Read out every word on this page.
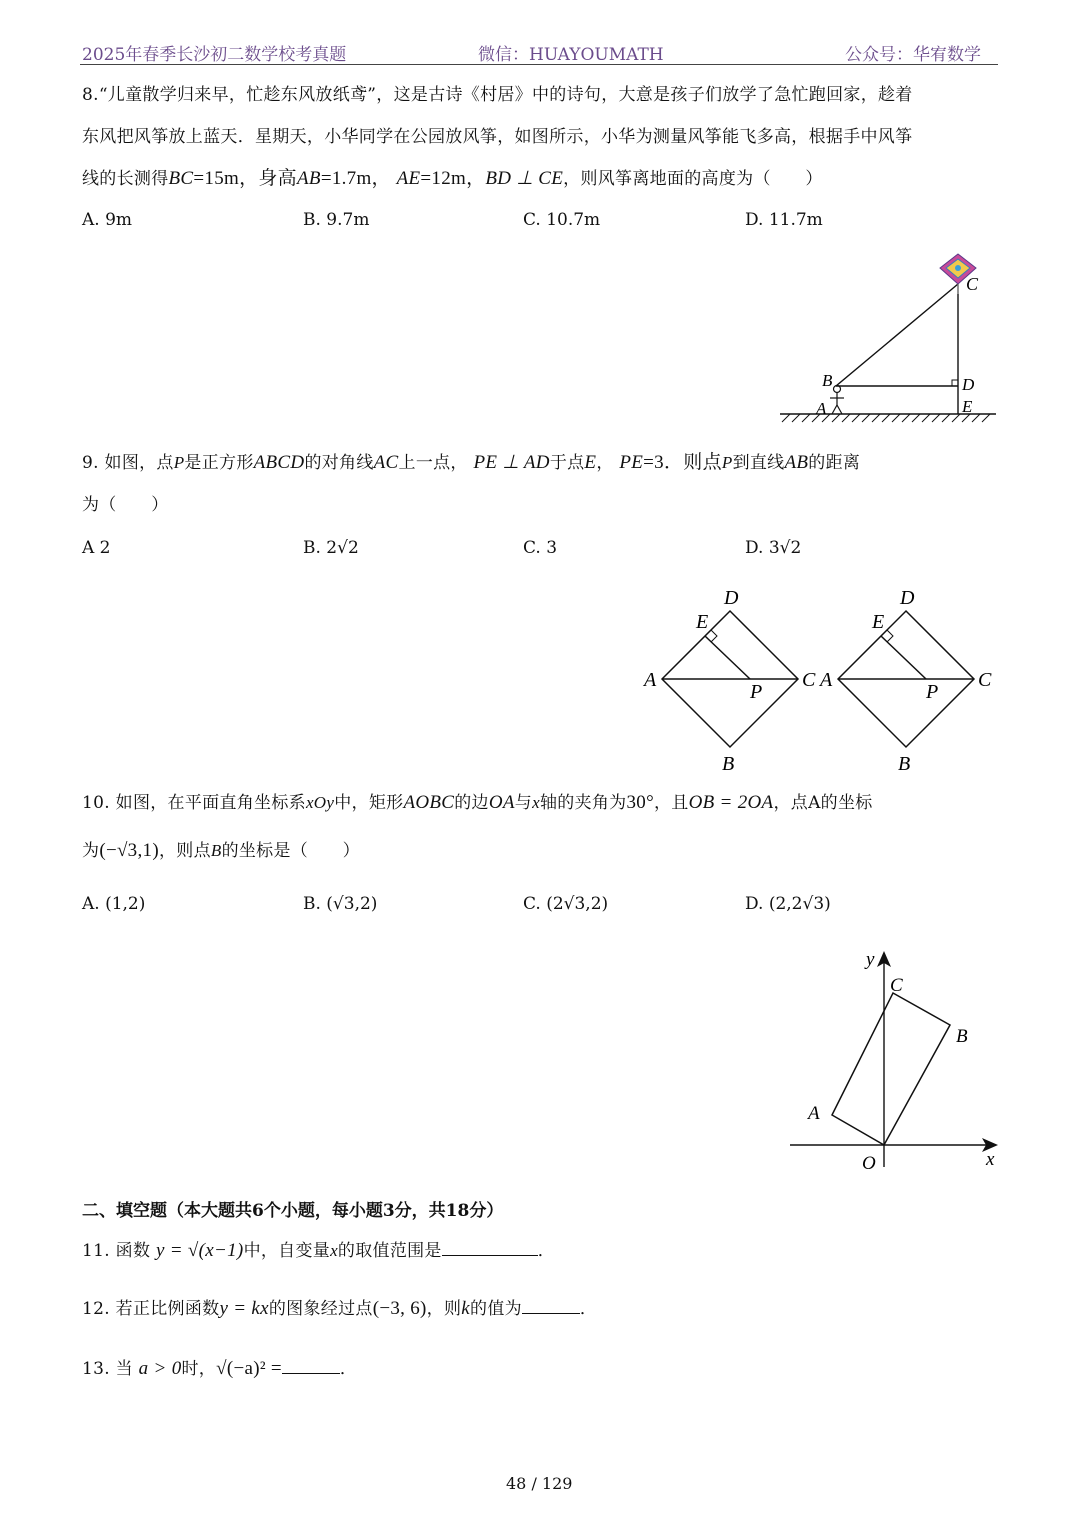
2025年春季长沙初二数学校考真题	微信：HUAYOUMATH	公众号：华宥数学
8.“儿童散学归来早，忙趁东风放纸鸢”，这是古诗《村居》中的诗句，大意是孩子们放学了急忙跑回家，趁着
东风把风筝放上蓝天．星期天，小华同学在公园放风筝，如图所示，小华为测量风筝能飞多高，根据手中风筝
线的长测得BC=15m，身高AB=1.7m， AE=12m，BD ⊥ CE，则风筝离地面的高度为（　　）
A. 9m	B. 9.7m	C. 10.7m	D. 11.7m
C
B	D
A	E
9. 如图，点P是正方形ABCD的对角线AC上一点， PE ⊥ AD于点E， PE=3．则点P到直线AB的距离
为（　　）
A 2	B. 2√2	C. 3	D. 3√2
D
E
A
P
C
B
D
E
A
P
C
B
10. 如图，在平面直角坐标系xOy中，矩形AOBC的边OA与x轴的夹角为30°，且OB = 2OA，点A的坐标
为(−√3,1)，则点B的坐标是（　　）
A. (1,2)	B. (√3,2)	C. (2√3,2)	D. (2,2√3)
y
C
B
A
O	x
二、填空题（本大题共6个小题，每小题3分，共18分）
11. 函数 y = √(x−1)中，自变量x的取值范围是	．
12. 若正比例函数y = kx的图象经过点(−3, 6)，则k的值为	．
13. 当 a > 0时，√(−a)² =	．
48 / 129
